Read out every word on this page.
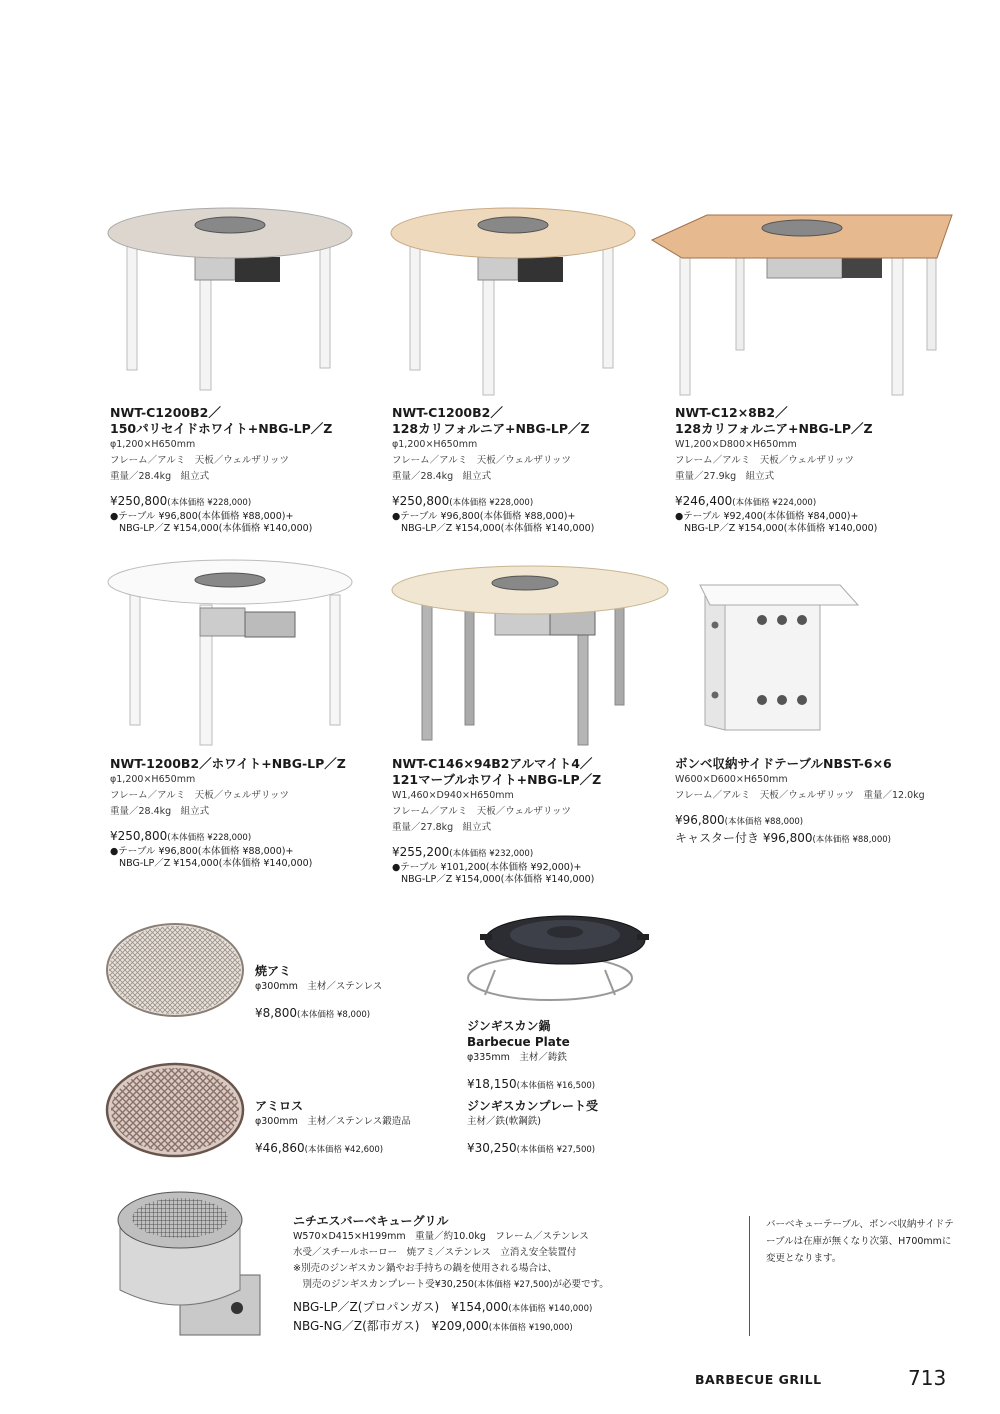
NWT-C1200B2／
150パリセイドホワイト+NBG-LP／Z
φ1,200×H650mm
フレーム／アルミ　天板／ウェルザリッツ
重量／28.4kg　組立式
¥250,800(本体価格 ¥228,000)
●テーブル ¥96,800(本体価格 ¥88,000)+
NBG-LP／Z ¥154,000(本体価格 ¥140,000)
NWT-C1200B2／
128カリフォルニア+NBG-LP／Z
φ1,200×H650mm
フレーム／アルミ　天板／ウェルザリッツ
重量／28.4kg　組立式
¥250,800(本体価格 ¥228,000)
●テーブル ¥96,800(本体価格 ¥88,000)+
NBG-LP／Z ¥154,000(本体価格 ¥140,000)
NWT-C12×8B2／
128カリフォルニア+NBG-LP／Z
W1,200×D800×H650mm
フレーム／アルミ　天板／ウェルザリッツ
重量／27.9kg　組立式
¥246,400(本体価格 ¥224,000)
●テーブル ¥92,400(本体価格 ¥84,000)+
NBG-LP／Z ¥154,000(本体価格 ¥140,000)
NWT-1200B2／ホワイト+NBG-LP／Z
φ1,200×H650mm
フレーム／アルミ　天板／ウェルザリッツ
重量／28.4kg　組立式
¥250,800(本体価格 ¥228,000)
●テーブル ¥96,800(本体価格 ¥88,000)+
NBG-LP／Z ¥154,000(本体価格 ¥140,000)
NWT-C146×94B2アルマイト4／
121マーブルホワイト+NBG-LP／Z
W1,460×D940×H650mm
フレーム／アルミ　天板／ウェルザリッツ
重量／27.8kg　組立式
¥255,200(本体価格 ¥232,000)
●テーブル ¥101,200(本体価格 ¥92,000)+
NBG-LP／Z ¥154,000(本体価格 ¥140,000)
ボンベ収納サイドテーブルNBST-6×6
W600×D600×H650mm
フレーム／アルミ　天板／ウェルザリッツ　重量／12.0kg
¥96,800(本体価格 ¥88,000)
キャスター付き ¥96,800(本体価格 ¥88,000)
焼アミ
φ300mm　主材／ステンレス
¥8,800(本体価格 ¥8,000)
アミロス
φ300mm　主材／ステンレス鍛造品
¥46,860(本体価格 ¥42,600)
ジンギスカン鍋
Barbecue Plate
φ335mm　主材／鋳鉄
¥18,150(本体価格 ¥16,500)
ジンギスカンプレート受
主材／鉄(軟鋼鉄)
¥30,250(本体価格 ¥27,500)
ニチエスバーベキューグリル
W570×D415×H199mm　重量／約10.0kg　フレーム／ステンレス
水受／スチールホーロー　焼アミ／ステンレス　立消え安全装置付
※別売のジンギスカン鍋やお手持ちの鍋を使用される場合は、
　別売のジンギスカンプレート受¥30,250(本体価格 ¥27,500)が必要です。
NBG-LP／Z(プロパンガス)　 ¥154,000(本体価格 ¥140,000)
NBG-NG／Z(都市ガス)　 ¥209,000(本体価格 ¥190,000)
バーベキューテーブル、ボンベ収納サイドテーブルは在庫が無くなり次第、H700mmに変更となります。
BARBECUE GRILL	713
